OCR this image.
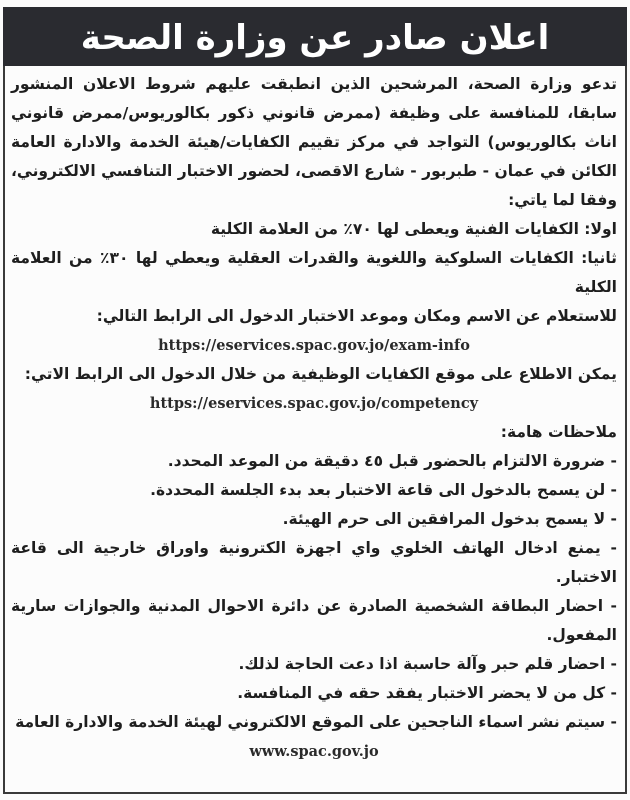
اعلان صادر عن وزارة الصحة

تدعو وزارة الصحة، المرشحين الذين انطبقت عليهم شروط الاعلان المنشور سابقا، للمنافسة على وظيفة (ممرض قانوني ذكور بكالوريوس/ممرض قانوني اناث بكالوريوس) التواجد في مركز تقييم الكفايات/هيئة الخدمة والادارة العامة الكائن في عمان - طبربور - شارع الاقصى، لحضور الاختبار التنافسي الالكتروني، وفقا لما ياتي:

اولا: الكفايات الفنية ويعطى لها ٧٠٪ من العلامة الكلية

ثانيا: الكفايات السلوكية واللغوية والقدرات العقلية ويعطي لها ٣٠٪ من العلامة الكلية

للاستعلام عن الاسم ومكان وموعد الاختبار الدخول الى الرابط التالي:

https://eservices.spac.gov.jo/exam-info

يمكن الاطلاع على موقع الكفايات الوظيفية من خلال الدخول الى الرابط الاتي:

https://eservices.spac.gov.jo/competency

ملاحظات هامة:

- ضرورة الالتزام بالحضور قبل ٤٥ دقيقة من الموعد المحدد.

- لن يسمح بالدخول الى قاعة الاختبار بعد بدء الجلسة المحددة.

- لا يسمح بدخول المرافقين الى حرم الهيئة.

- يمنع ادخال الهاتف الخلوي واي اجهزة الكترونية واوراق خارجية الى قاعة الاختبار.

- احضار البطاقة الشخصية الصادرة عن دائرة الاحوال المدنية والجوازات سارية المفعول.

- احضار قلم حبر وآلة حاسبة اذا دعت الحاجة لذلك.

- كل من لا يحضر الاختبار يفقد حقه في المنافسة.

- سيتم نشر اسماء الناجحين على الموقع الالكتروني لهيئة الخدمة والادارة العامة

www.spac.gov.jo
